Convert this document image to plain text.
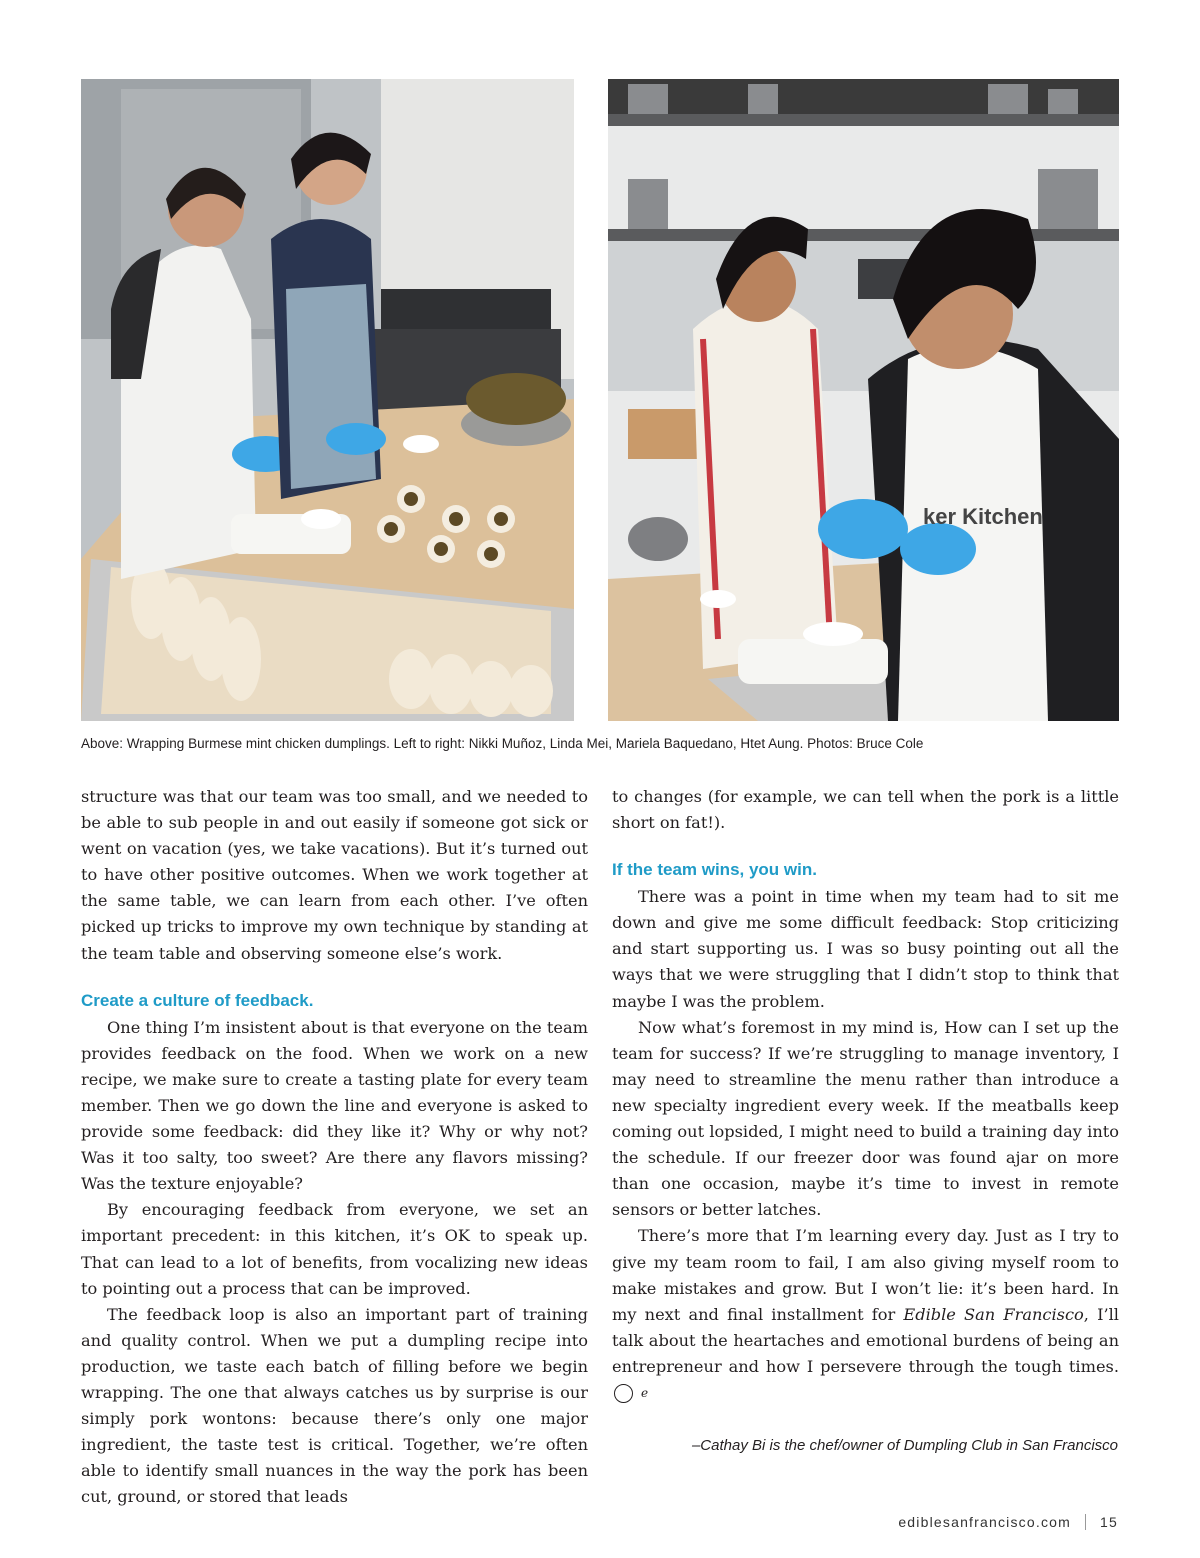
ker Kitchen
Above: Wrapping Burmese mint chicken dumplings. Left to right: Nikki Muñoz, Linda Mei, Mariela Baquedano, Htet Aung. Photos: Bruce Cole

structure was that our team was too small, and we needed to be able to sub people in and out easily if someone got sick or went on vacation (yes, we take vacations). But it’s turned out to have other positive outcomes. When we work together at the same table, we can learn from each other. I’ve often picked up tricks to improve my own technique by standing at the team table and observing someone else’s work.

Create a culture of feedback.

One thing I’m insistent about is that everyone on the team provides feedback on the food. When we work on a new recipe, we make sure to create a tasting plate for every team member. Then we go down the line and everyone is asked to provide some feedback: did they like it? Why or why not? Was it too salty, too sweet? Are there any flavors missing? Was the texture enjoyable?

By encouraging feedback from everyone, we set an important precedent: in this kitchen, it’s OK to speak up. That can lead to a lot of benefits, from vocalizing new ideas to pointing out a process that can be improved.

The feedback loop is also an important part of training and quality control. When we put a dumpling recipe into production, we taste each batch of filling before we begin wrapping. The one that always catches us by surprise is our simply pork wontons: because there’s only one major ingredient, the taste test is critical. Together, we’re often able to identify small nuances in the way the pork has been cut, ground, or stored that leads

to changes (for example, we can tell when the pork is a little short on fat!).

If the team wins, you win.

There was a point in time when my team had to sit me down and give me some difficult feedback: Stop criticizing and start supporting us. I was so busy pointing out all the ways that we were struggling that I didn’t stop to think that maybe I was the problem.

Now what’s foremost in my mind is, How can I set up the team for success? If we’re struggling to manage inventory, I may need to streamline the menu rather than introduce a new specialty ingredient every week. If the meatballs keep coming out lopsided, I might need to build a training day into the schedule. If our freezer door was found ajar on more than one occasion, maybe it’s time to invest in remote sensors or better latches.

There’s more that I’m learning every day. Just as I try to give my team room to fail, I am also giving myself room to make mistakes and grow. But I won’t lie: it’s been hard. In my next and final installment for Edible San Francisco, I’ll talk about the heartaches and emotional burdens of being an entrepreneur and how I persevere through the tough times. e

–Cathay Bi is the chef/owner of Dumpling Club in San Francisco
ediblesanfrancisco.com 15
